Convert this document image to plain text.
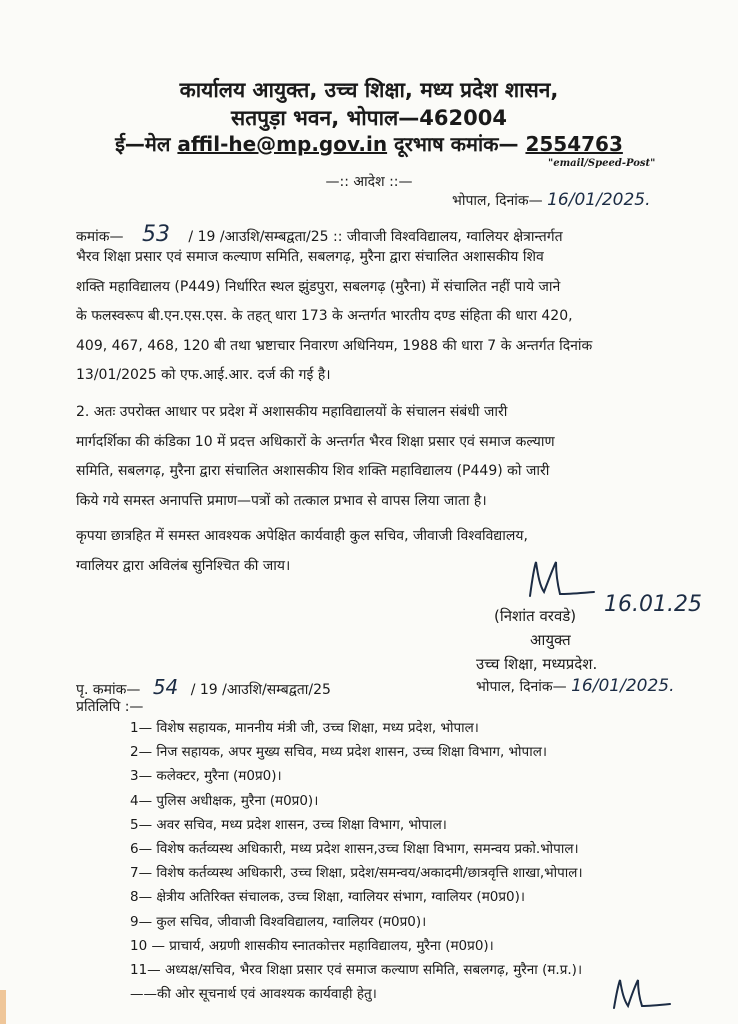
कार्यालय आयुक्त, उच्च शिक्षा, मध्य प्रदेश शासन,
सतपुड़ा भवन, भोपाल—462004
ई—मेल affil-he@mp.gov.in दूरभाष कमांक— 2554763
"email/Speed-Post"
—:: आदेश ::—
भोपाल, दिनांक— 16/01/2025.
कमांक— 53 / 19 /आउशि/सम्बद्वता/25 :: जीवाजी विश्वविद्यालय, ग्वालियर क्षेत्रान्तर्गत
भैरव शिक्षा प्रसार एवं समाज कल्याण समिति, सबलगढ़, मुरैना द्वारा संचालित अशासकीय शिव
शक्ति महाविद्यालय (P449) निर्धारित स्थल झुंडपुरा, सबलगढ़ (मुरैना) में संचालित नहीं पाये जाने
के फलस्वरूप बी.एन.एस.एस. के तहत् धारा 173 के अन्तर्गत भारतीय दण्ड संहिता की धारा 420,
409, 467, 468, 120 बी तथा भ्रष्टाचार निवारण अधिनियम, 1988 की धारा 7 के अन्तर्गत दिनांक
13/01/2025 को एफ.आई.आर. दर्ज की गई है।
2. अतः उपरोक्त आधार पर प्रदेश में अशासकीय महाविद्यालयों के संचालन संबंधी जारी
मार्गदर्शिका की कंडिका 10 में प्रदत्त अधिकारों के अन्तर्गत भैरव शिक्षा प्रसार एवं समाज कल्याण
समिति, सबलगढ़, मुरैना द्वारा संचालित अशासकीय शिव शक्ति महाविद्यालय (P449) को जारी
किये गये समस्त अनापत्ति प्रमाण—पत्रों को तत्काल प्रभाव से वापस लिया जाता है।
कृपया छात्रहित में समस्त आवश्यक अपेक्षित कार्यवाही कुल सचिव, जीवाजी विश्वविद्यालय,
ग्वालियर द्वारा अविलंब सुनिश्चित की जाय।
16.01.25
(निशांत वरवडे)
आयुक्त
उच्च शिक्षा, मध्यप्रदेश.
पृ. कमांक— 54 / 19 /आउशि/सम्बद्वता/25	भोपाल, दिनांक— 16/01/2025.
प्रतिलिपि :—
1— विशेष सहायक, माननीय मंत्री जी, उच्च शिक्षा, मध्य प्रदेश, भोपाल।
2— निज सहायक, अपर मुख्य सचिव, मध्य प्रदेश शासन, उच्च शिक्षा विभाग, भोपाल।
3— कलेक्टर, मुरैना (म0प्र0)।
4— पुलिस अधीक्षक, मुरैना (म0प्र0)।
5— अवर सचिव, मध्य प्रदेश शासन, उच्च शिक्षा विभाग, भोपाल।
6— विशेष कर्तव्यस्थ अधिकारी, मध्य प्रदेश शासन,उच्च शिक्षा विभाग, समन्वय प्रको.भोपाल।
7— विशेष कर्तव्यस्थ अधिकारी, उच्च शिक्षा, प्रदेश/समन्वय/अकादमी/छात्रवृत्ति शाखा,भोपाल।
8— क्षेत्रीय अतिरिक्त संचालक, उच्च शिक्षा, ग्वालियर संभाग, ग्वालियर (म0प्र0)।
9— कुल सचिव, जीवाजी विश्वविद्यालय, ग्वालियर (म0प्र0)।
10 — प्राचार्य, अग्रणी शासकीय स्नातकोत्तर महाविद्यालय, मुरैना (म0प्र0)।
11— अध्यक्ष/सचिव, भैरव शिक्षा प्रसार एवं समाज कल्याण समिति, सबलगढ़, मुरैना (म.प्र.)।
——की ओर सूचनार्थ एवं आवश्यक कार्यवाही हेतु।
